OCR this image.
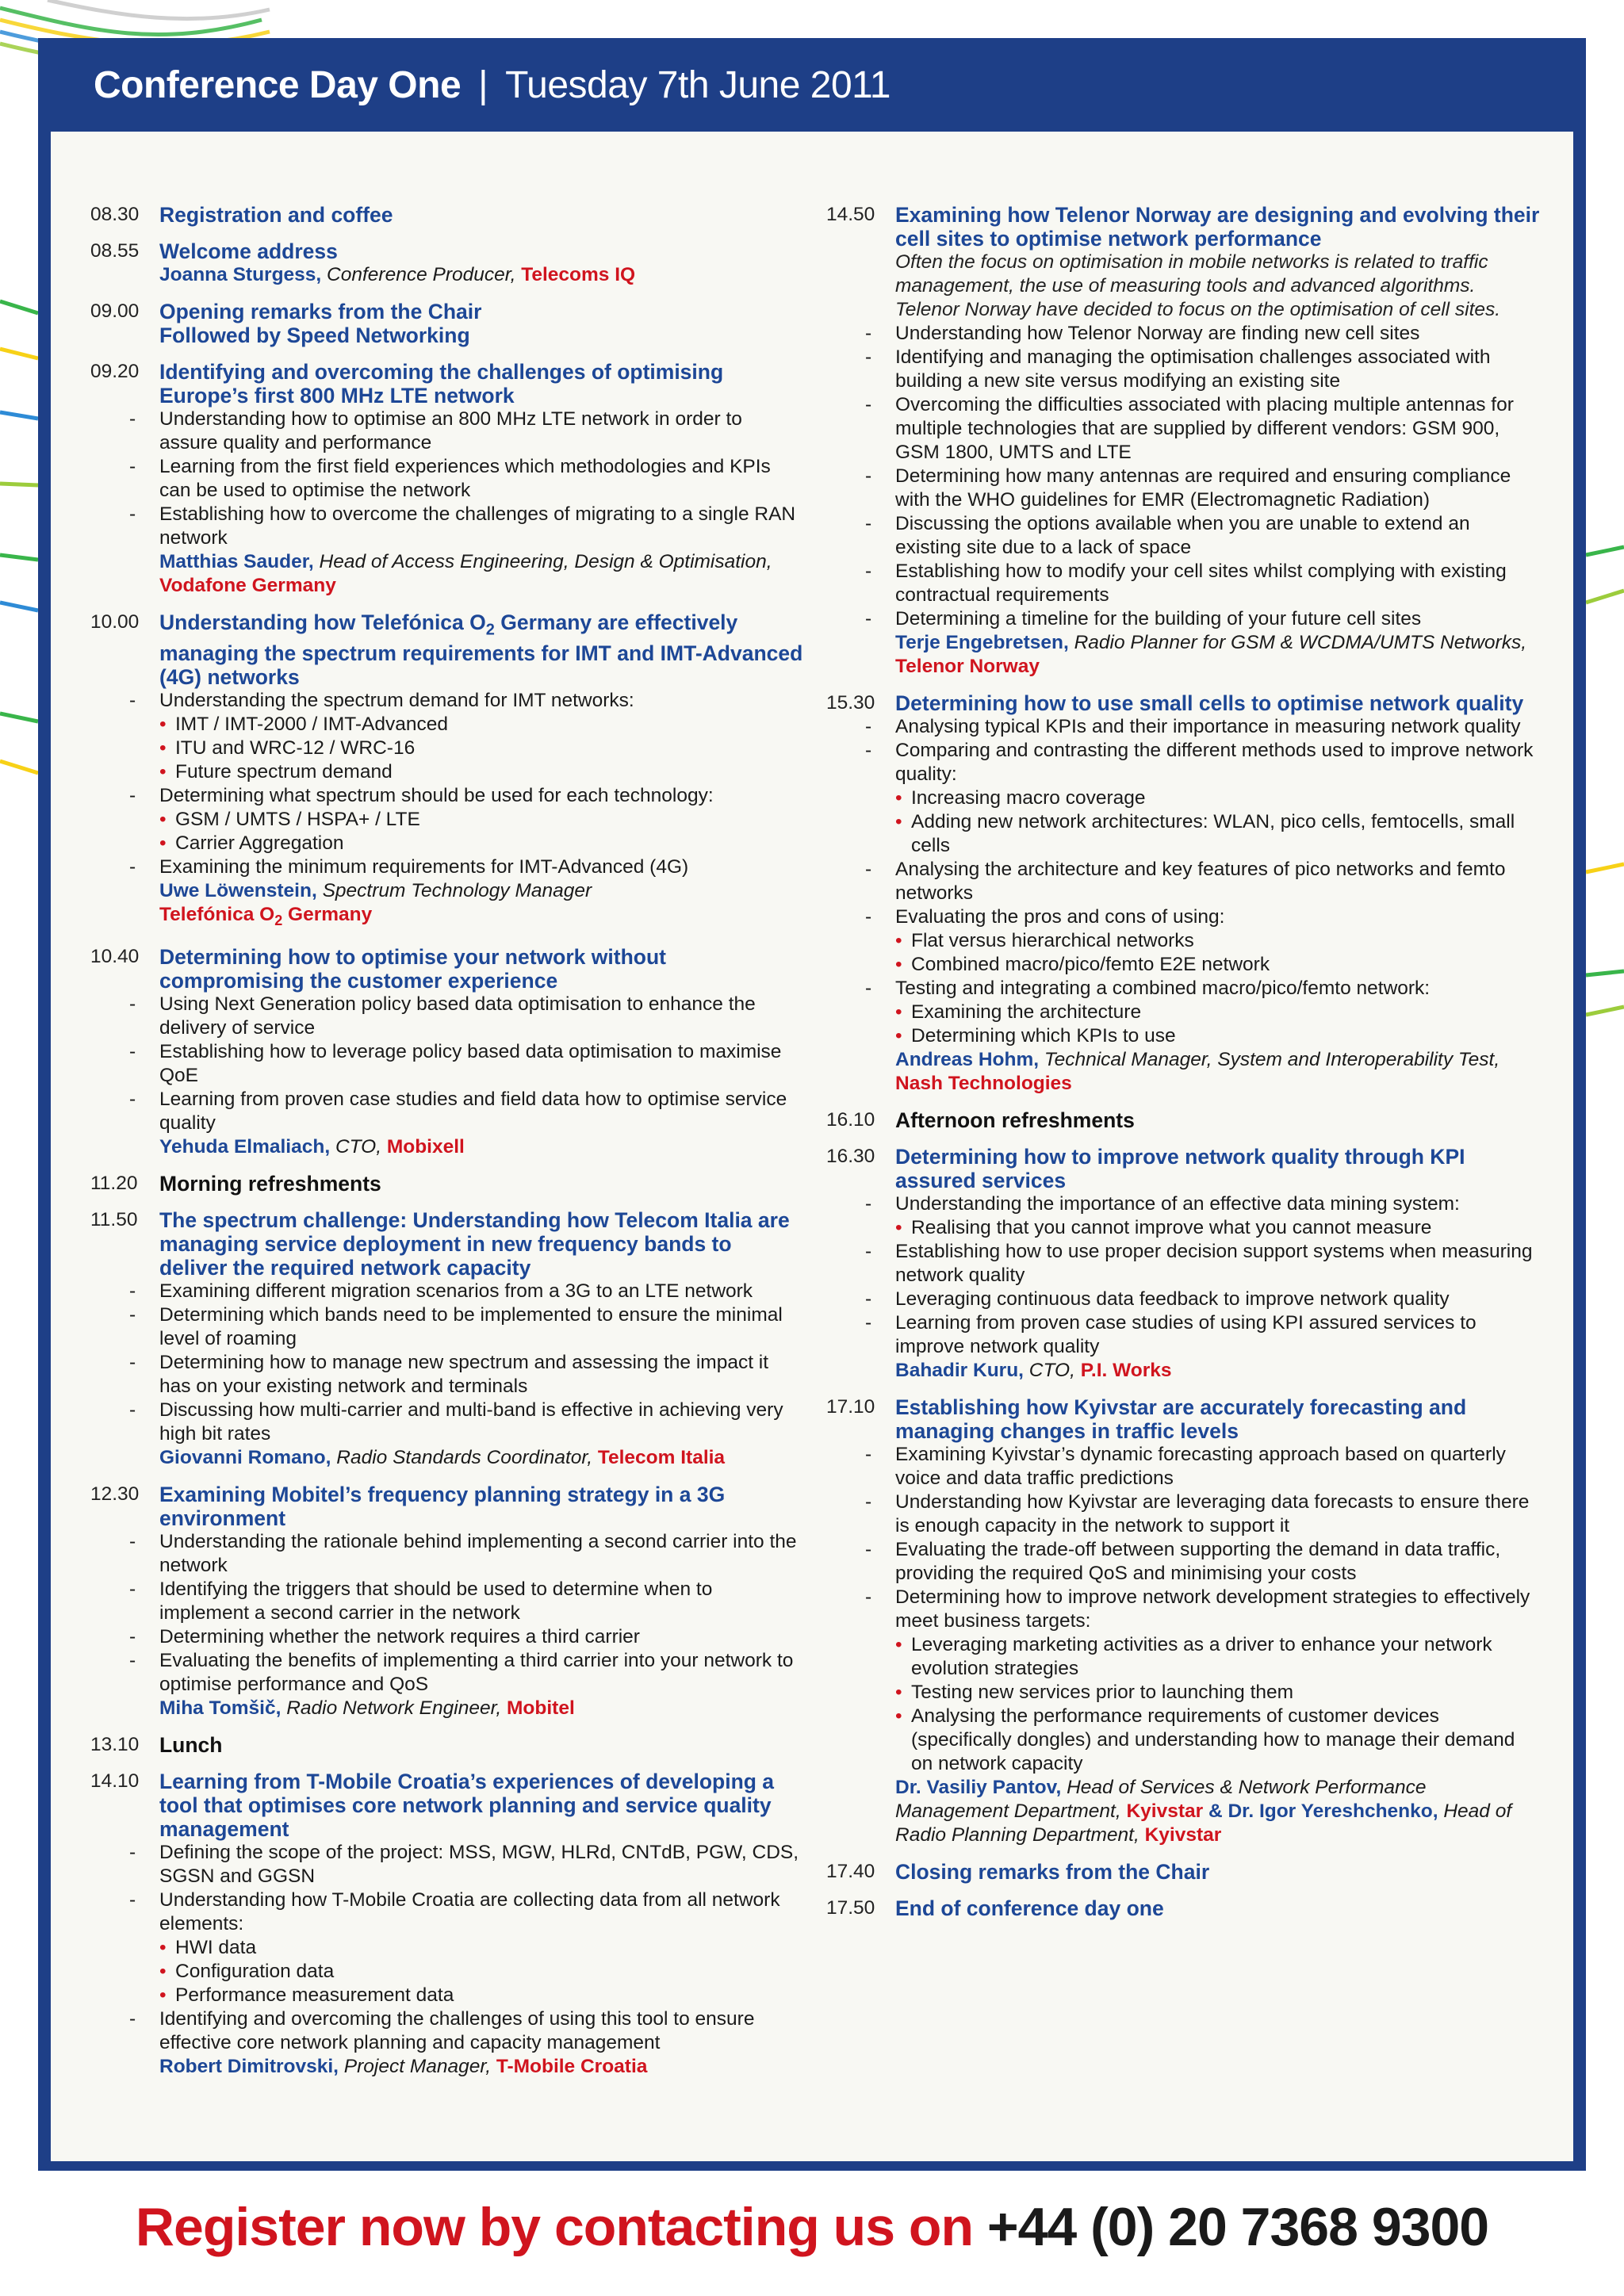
Conference Day One | Tuesday 7th June 2011
08.30 Registration and coffee
08.55 Welcome address
Joanna Sturgess, Conference Producer, Telecoms IQ
09.00 Opening remarks from the Chair
Followed by Speed Networking
09.20 Identifying and overcoming the challenges of optimising Europe’s first 800 MHz LTE network
- Understanding how to optimise an 800 MHz LTE network in order to assure quality and performance
- Learning from the first field experiences which methodologies and KPIs can be used to optimise the network
- Establishing how to overcome the challenges of migrating to a single RAN network
Matthias Sauder, Head of Access Engineering, Design & Optimisation, Vodafone Germany
10.00 Understanding how Telefónica $O_2$ Germany are effectively managing the spectrum requirements for IMT and IMT-Advanced (4G) networks
- Understanding the spectrum demand for IMT networks:
• IMT / IMT-2000 / IMT-Advanced
• ITU and WRC-12 / WRC-16
• Future spectrum demand
- Determining what spectrum should be used for each technology:
• GSM / UMTS / HSPA+ / LTE
• Carrier Aggregation
- Examining the minimum requirements for IMT-Advanced (4G)
Uwe Löwenstein, Spectrum Technology Manager
Telefónica $O_2$ Germany
10.40 Determining how to optimise your network without compromising the customer experience
- Using Next Generation policy based data optimisation to enhance the delivery of service
- Establishing how to leverage policy based data optimisation to maximise QoE
- Learning from proven case studies and field data how to optimise service quality
Yehuda Elmaliach, CTO, Mobixell
11.20	Morning refreshments
11.50	The spectrum challenge: Understanding how Telecom Italia are managing service deployment in new frequency bands to deliver the required network capacity
- Examining different migration scenarios from a 3G to an LTE network
- Determining which bands need to be implemented to ensure the minimal level of roaming
- Determining how to manage new spectrum and assessing the impact it has on your existing network and terminals
- Discussing how multi-carrier and multi-band is effective in achieving very high bit rates
Giovanni Romano, Radio Standards Coordinator, Telecom Italia
12.30 Examining Mobitel’s frequency planning strategy in a 3G environment
- Understanding the rationale behind implementing a second carrier into the network
- Identifying the triggers that should be used to determine when to implement a second carrier in the network
- Determining whether the network requires a third carrier
- Evaluating the benefits of implementing a third carrier into your network to optimise performance and QoS
Miha Tomšič, Radio Network Engineer, Mobitel
13.10 Lunch
14.10 Learning from T-Mobile Croatia’s experiences of developing a tool that optimises core network planning and service quality management
- Defining the scope of the project: MSS, MGW, HLRd, CNTdB, PGW, CDS, SGSN and GGSN
- Understanding how T-Mobile Croatia are collecting data from all network elements:
• HWI data
• Configuration data
• Performance measurement data
- Identifying and overcoming the challenges of using this tool to ensure effective core network planning and capacity management
Robert Dimitrovski, Project Manager, T-Mobile Croatia
14.50 Examining how Telenor Norway are designing and evolving their cell sites to optimise network performance
Often the focus on optimisation in mobile networks is related to traffic management, the use of measuring tools and advanced algorithms. Telenor Norway have decided to focus on the optimisation of cell sites.
- Understanding how Telenor Norway are finding new cell sites
- Identifying and managing the optimisation challenges associated with building a new site versus modifying an existing site
- Overcoming the difficulties associated with placing multiple antennas for multiple technologies that are supplied by different vendors: GSM 900, GSM 1800, UMTS and LTE
- Determining how many antennas are required and ensuring compliance with the WHO guidelines for EMR (Electromagnetic Radiation)
- Discussing the options available when you are unable to extend an existing site due to a lack of space
- Establishing how to modify your cell sites whilst complying with existing contractual requirements
- Determining a timeline for the building of your future cell sites
Terje Engebretsen, Radio Planner for GSM & WCDMA/UMTS Networks, Telenor Norway
15.30 Determining how to use small cells to optimise network quality
- Analysing typical KPIs and their importance in measuring network quality
- Comparing and contrasting the different methods used to improve network quality:
• Increasing macro coverage
• Adding new network architectures: WLAN, pico cells, femtocells, small cells
- Analysing the architecture and key features of pico networks and femto networks
- Evaluating the pros and cons of using:
• Flat versus hierarchical networks
• Combined macro/pico/femto E2E network
- Testing and integrating a combined macro/pico/femto network:
• Examining the architecture
• Determining which KPIs to use
Andreas Hohm, Technical Manager, System and Interoperability Test,
Nash Technologies
16.10 Afternoon refreshments
16.30 Determining how to improve network quality through KPI assured services
- Understanding the importance of an effective data mining system:
• Realising that you cannot improve what you cannot measure
- Establishing how to use proper decision support systems when measuring network quality
- Leveraging continuous data feedback to improve network quality
- Learning from proven case studies of using KPI assured services to improve network quality
Bahadir Kuru, CTO, P.I. Works
17.10 Establishing how Kyivstar are accurately forecasting and managing changes in traffic levels
- Examining Kyivstar’s dynamic forecasting approach based on quarterly voice and data traffic predictions
- Understanding how Kyivstar are leveraging data forecasts to ensure there is enough capacity in the network to support it
- Evaluating the trade-off between supporting the demand in data traffic, providing the required QoS and minimising your costs
- Determining how to improve network development strategies to effectively meet business targets:
• Leveraging marketing activities as a driver to enhance your network evolution strategies
• Testing new services prior to launching them
• Analysing the performance requirements of customer devices (specifically dongles) and understanding how to manage their demand on network capacity
Dr. Vasiliy Pantov, Head of Services & Network Performance Management Department, Kyivstar & Dr. Igor Yereshchenko, Head of Radio Planning Department, Kyivstar
17.40 Closing remarks from the Chair
17.50 End of conference day one
Register now by contacting us on +44 (0) 20 7368 9300
